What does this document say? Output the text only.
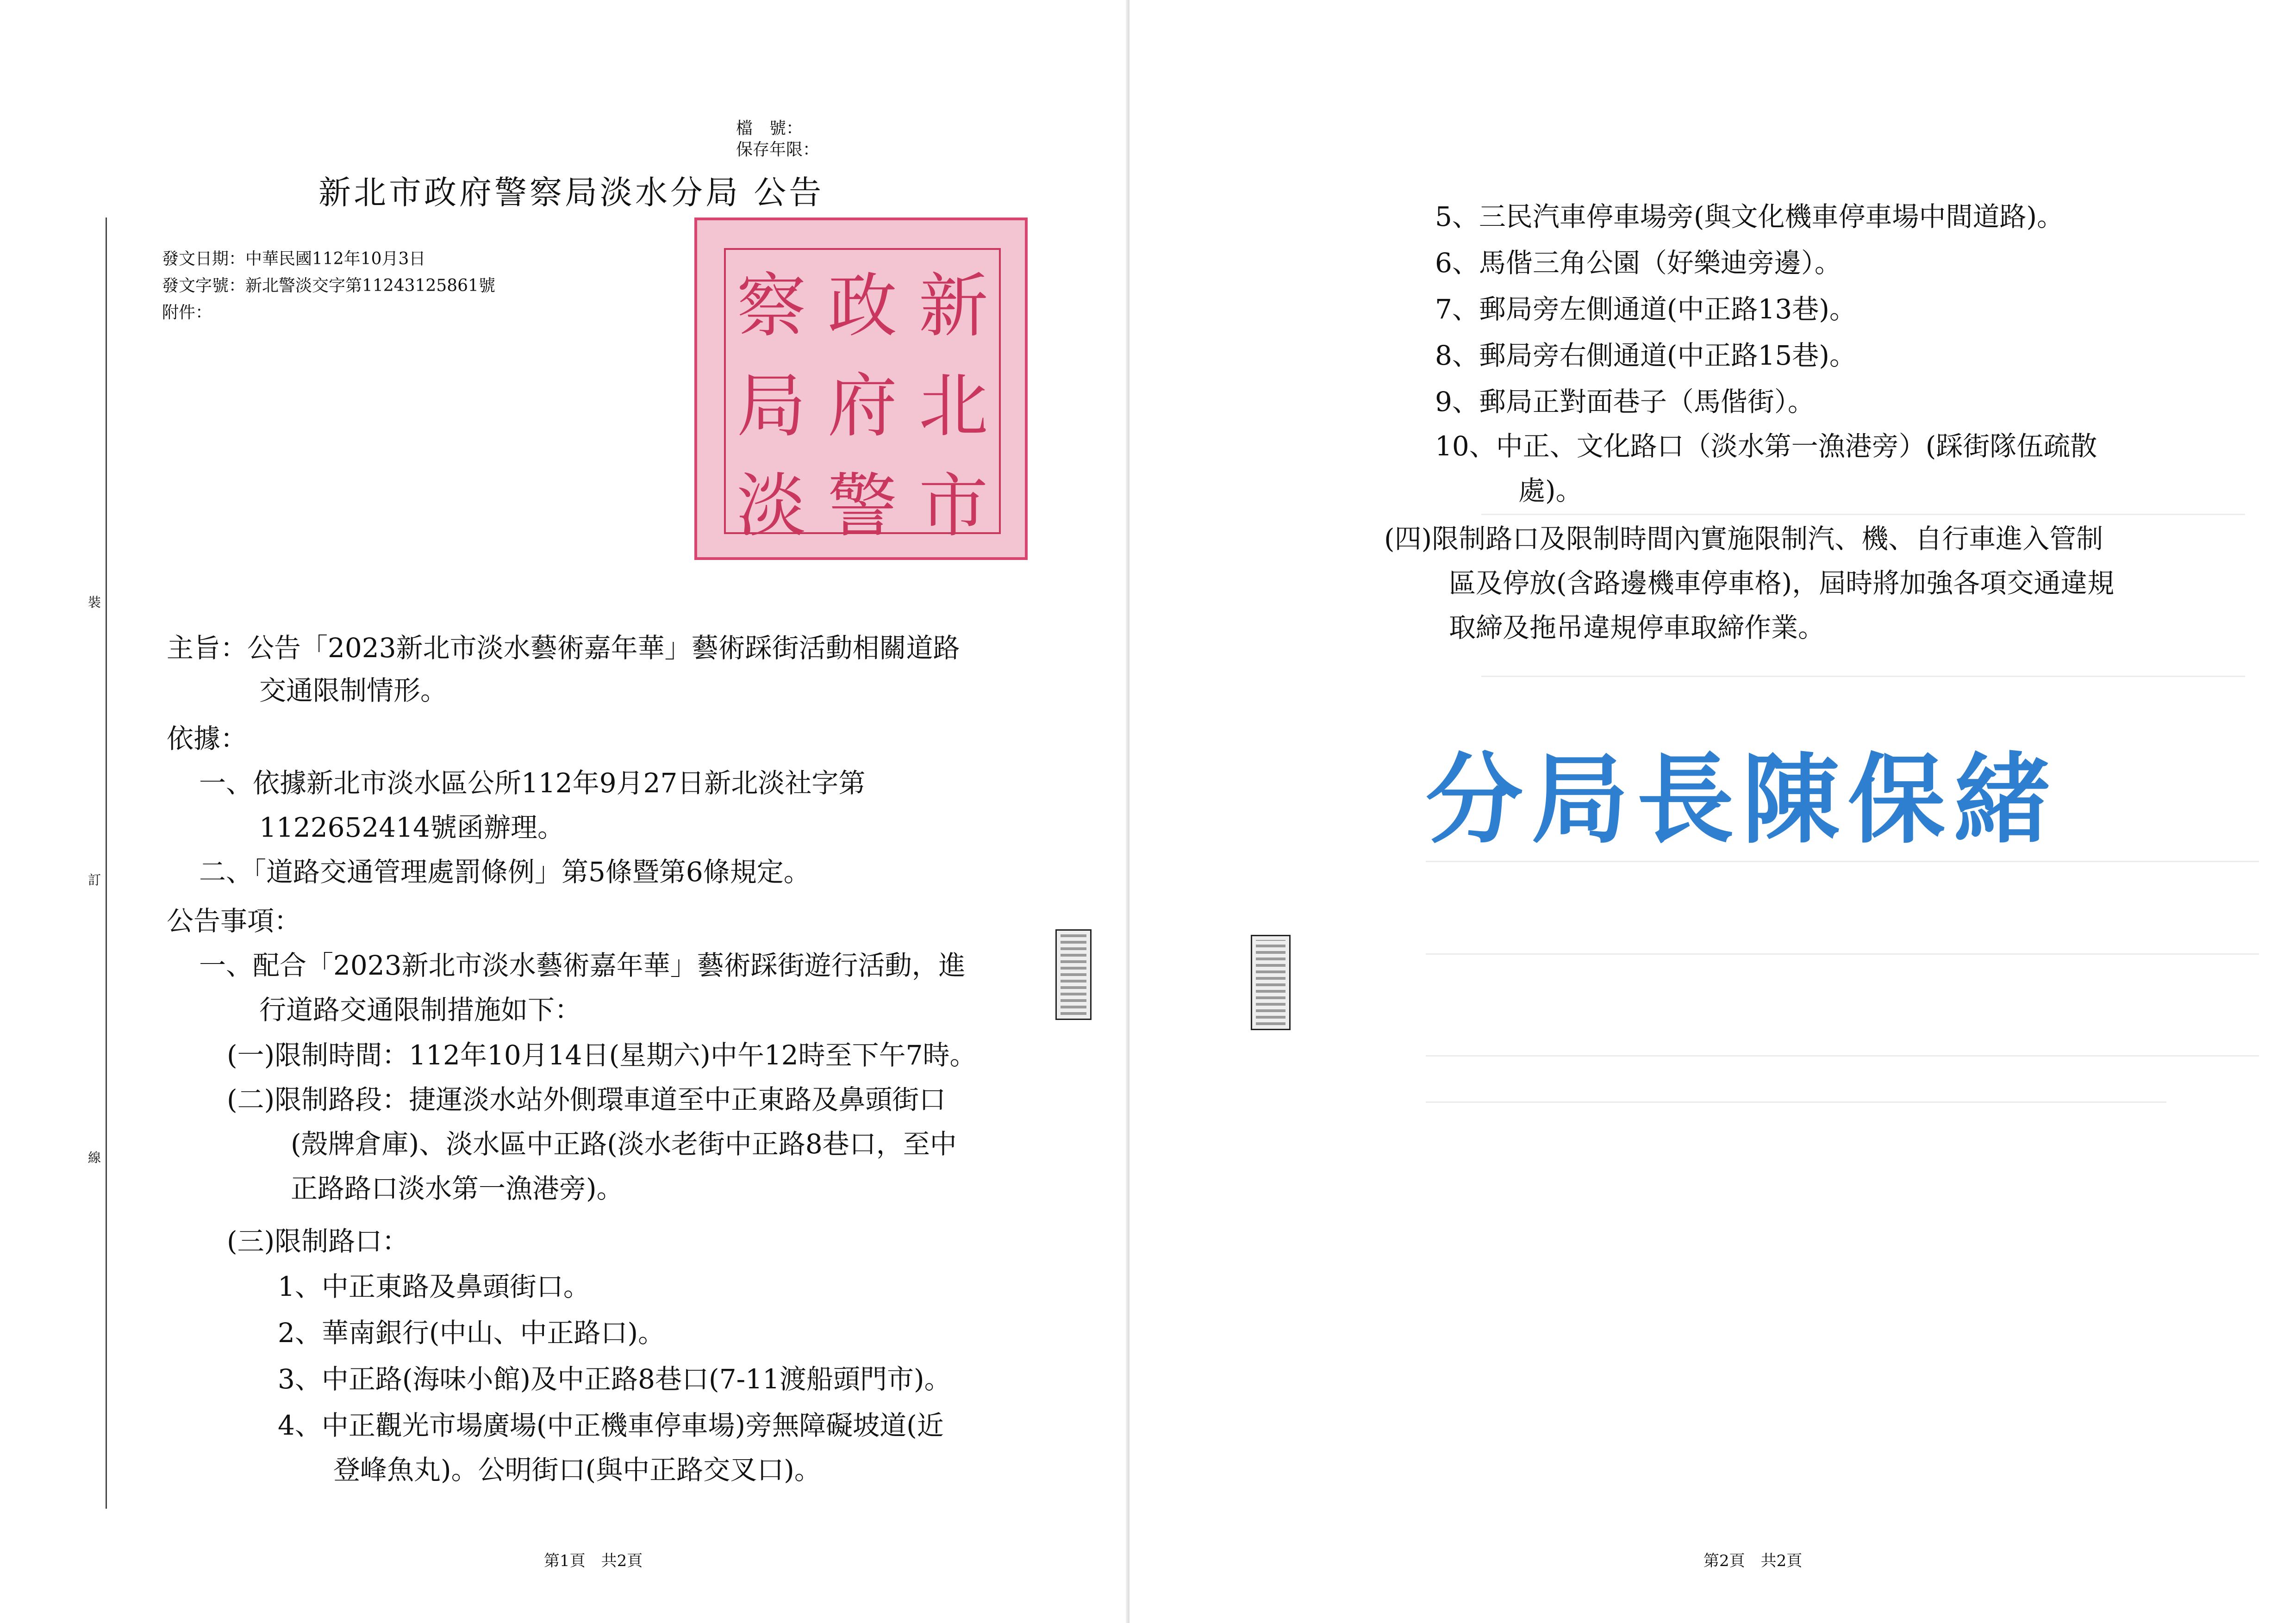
檔　號：
保存年限：
新北市政府警察局淡水分局 公告
發文日期：中華民國112年10月3日
發文字號：新北警淡交字第11243125861號
附件：	新
北
市
政
府
警
察
局
淡
裝
訂
線
主旨：公告「2023新北市淡水藝術嘉年華」藝術踩街活動相關道路
交通限制情形。
依據：
一、依據新北市淡水區公所112年9月27日新北淡社字第
1122652414號函辦理。
二、「道路交通管理處罰條例」第5條暨第6條規定。
公告事項：
一、配合「2023新北市淡水藝術嘉年華」藝術踩街遊行活動，進
行道路交通限制措施如下：
(一)限制時間：112年10月14日(星期六)中午12時至下午7時。
(二)限制路段：捷運淡水站外側環車道至中正東路及鼻頭街口
(殼牌倉庫)、淡水區中正路(淡水老街中正路8巷口，至中
正路路口淡水第一漁港旁)。
(三)限制路口：
1、中正東路及鼻頭街口。
2、華南銀行(中山、中正路口)。
3、中正路(海味小館)及中正路8巷口(7-11渡船頭門市)。
4、中正觀光市場廣場(中正機車停車場)旁無障礙坡道(近
登峰魚丸)。公明街口(與中正路交叉口)。
第1頁　共2頁
5、三民汽車停車場旁(與文化機車停車場中間道路)。
6、馬偕三角公園（好樂迪旁邊）。
7、郵局旁左側通道(中正路13巷)。
8、郵局旁右側通道(中正路15巷)。
9、郵局正對面巷子（馬偕街）。
10、中正、文化路口（淡水第一漁港旁）(踩街隊伍疏散
處)。
(四)限制路口及限制時間內實施限制汽、機、自行車進入管制
區及停放(含路邊機車停車格)，屆時將加強各項交通違規
取締及拖吊違規停車取締作業。
第2頁　共2頁
分局長陳保緒
